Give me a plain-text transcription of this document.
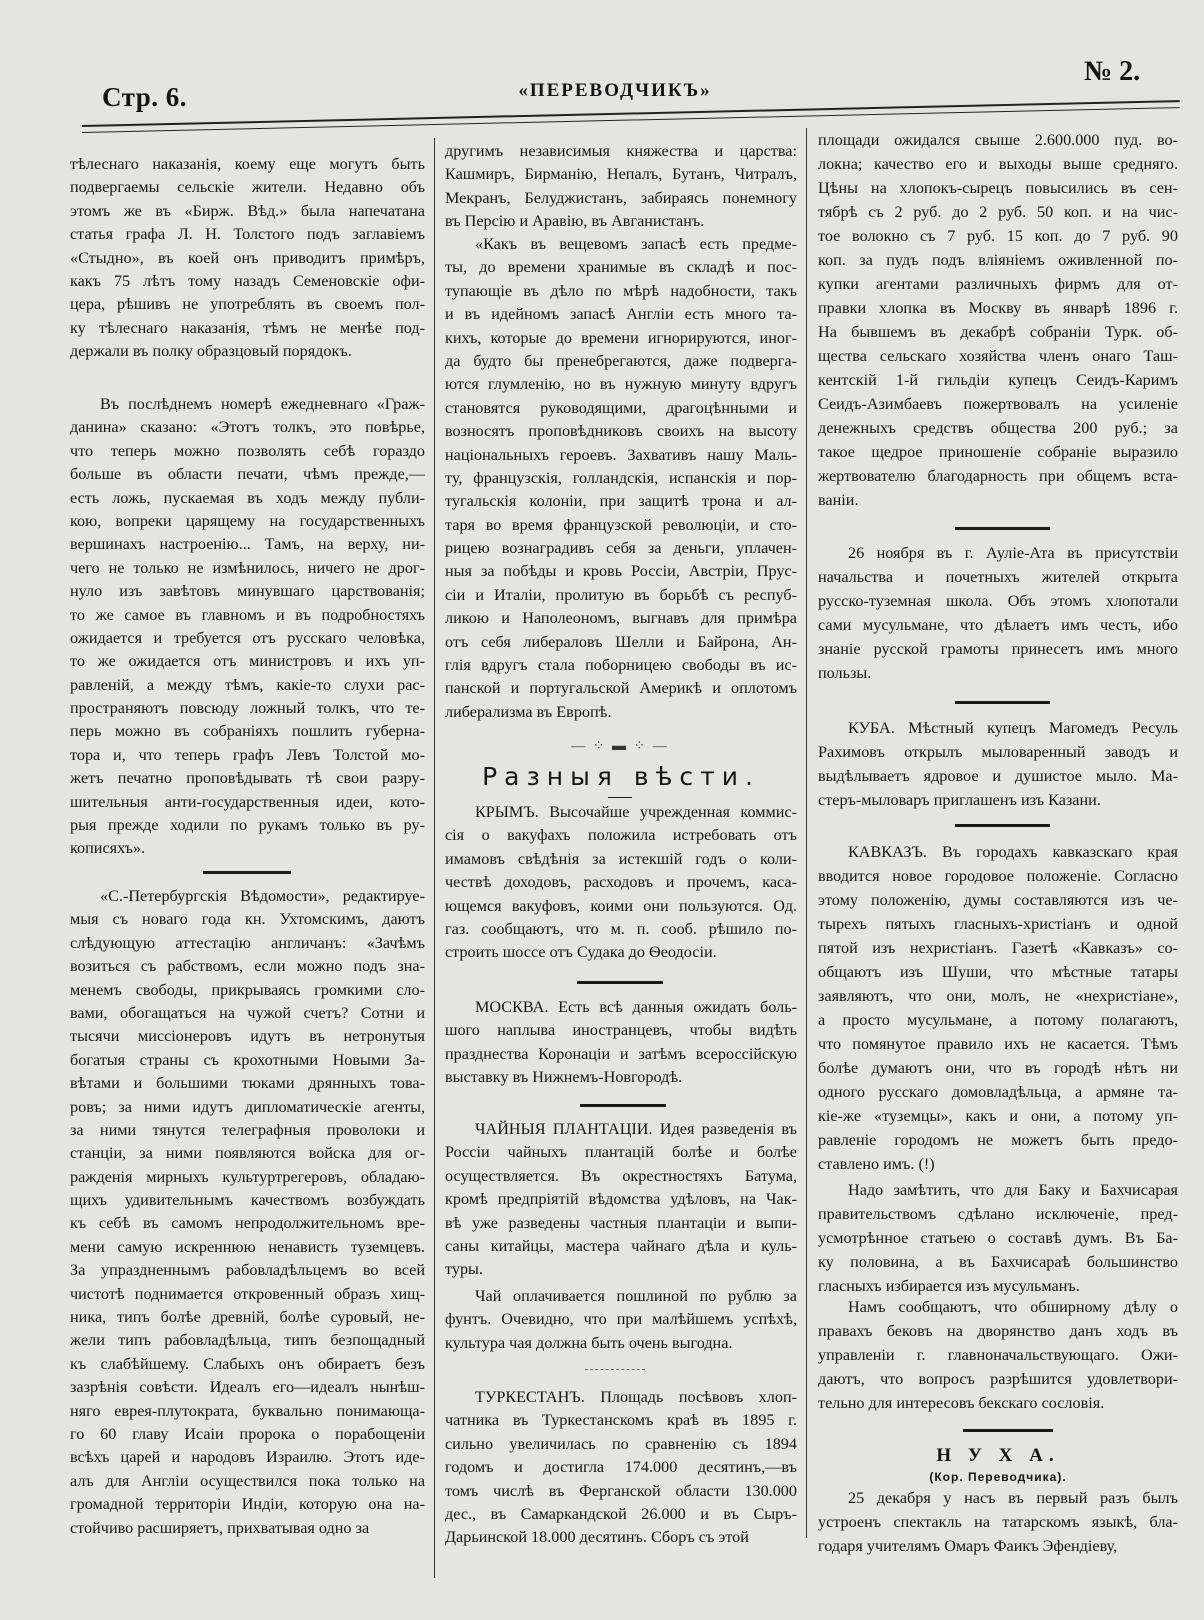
Стр. 6.	«ПЕРЕВОДЧИКЪ»
№ 2.
тѣлеснаго наказанія, коему еще могутъ быть
подвергаемы сельскіе жители. Недавно объ
этомъ же въ «Бирж. Вѣд.» была напечатана
статья графа Л. Н. Толстого подъ заглавіемъ
«Стыдно», въ коей онъ приводитъ примѣръ,
какъ 75 лѣтъ тому назадъ Семеновскіе офи-
цера, рѣшивъ не употреблять въ своемъ пол-
ку тѣлеснаго наказанія, тѣмъ не менѣе под-
держали въ полку образцовый порядокъ.
Въ послѣднемъ номерѣ ежедневнаго «Граж-
данина» сказано: «Этотъ толкъ, это повѣрье,
что теперь можно позволять себѣ гораздо
больше въ области печати, чѣмъ прежде,—
есть ложь, пускаемая въ ходъ между публи-
кою, вопреки царящему на государственныхъ
вершинахъ настроенію... Тамъ, на верху, ни-
чего не только не измѣнилось, ничего не дрог-
нуло изъ завѣтовъ минувшаго царствованія;
то же самое въ главномъ и въ подробностяхъ
ожидается и требуется отъ русскаго человѣка,
то же ожидается отъ министровъ и ихъ уп-
равленій, а между тѣмъ, какіе-то слухи рас-
пространяютъ повсюду ложный толкъ, что те-
перь можно въ собраніяхъ пошлить губерна-
тора и, что теперь графъ Левъ Толстой мо-
жетъ печатно проповѣдывать тѣ свои разру-
шительныя анти-государственныя идеи, кото-
рыя прежде ходили по рукамъ только въ ру-
кописяхъ».
«С.-Петербургскія Вѣдомости», редактируе-
мыя съ новаго года кн. Ухтомскимъ, даютъ
слѣдующую аттестацію англичанъ: «Зачѣмъ
возиться съ рабствомъ, если можно подъ зна-
менемъ свободы, прикрываясь громкими сло-
вами, обогащаться на чужой счетъ? Сотни и
тысячи миссіонеровъ идутъ въ нетронутыя
богатыя страны съ крохотными Новыми За-
вѣтами и большими тюками дрянныхъ това-
ровъ; за ними идутъ дипломатическіе агенты,
за ними тянутся телеграфныя проволоки и
станціи, за ними появляются войска для ог-
ражденія мирныхъ культуртрегеровъ, обладаю-
щихъ удивительнымъ качествомъ возбуждать
къ себѣ въ самомъ непродолжительномъ вре-
мени самую искреннюю ненависть туземцевъ.
За упраздненнымъ рабовладѣльцемъ во всей
чистотѣ поднимается откровенный образъ хищ-
ника, типъ болѣе древній, болѣе суровый, не-
жели типъ рабовладѣльца, типъ безпощадный
къ слабѣйшему. Слабыхъ онъ обираетъ безъ
зазрѣнія совѣсти. Идеалъ его—идеалъ нынѣш-
няго еврея-плутократа, буквально понимающа-
го 60 главу Исаіи пророка о порабощеніи
всѣхъ царей и народовъ Израилю. Этотъ иде-
алъ для Англіи осуществился пока только на
громадной территоріи Индіи, которую она на-
стойчиво расширяетъ, прихватывая одно за
другимъ независимыя княжества и царства:
Кашмиръ, Бирманію, Непалъ, Бутанъ, Читралъ,
Мекранъ, Белуджистанъ, забираясь понемногу
въ Персію и Аравію, въ Авганистанъ.
«Какъ въ вещевомъ запасѣ есть предме-
ты, до времени хранимые въ складѣ и пос-
тупающіе въ дѣло по мѣрѣ надобности, такъ
и въ идейномъ запасѣ Англіи есть много та-
кихъ, которые до времени игнорируются, иног-
да будто бы пренебрегаются, даже подверга-
ются глумленію, но въ нужную минуту вдругъ
становятся руководящими, драгоцѣнными и
возносятъ проповѣдниковъ своихъ на высоту
національныхъ героевъ. Захвативъ нашу Маль-
ту, французскія, голландскія, испанскія и пор-
тугальскія колоніи, при защитѣ трона и ал-
таря во время французской революціи, и сто-
рицею вознаградивъ себя за деньги, уплачен-
ныя за побѣды и кровь Россіи, Австріи, Прус-
сіи и Италіи, пролитую въ борьбѣ съ респуб-
ликою и Наполеономъ, выгнавъ для примѣра
отъ себя либераловъ Шелли и Байрона, Ан-
глія вдругъ стала поборницею свободы въ ис-
панской и португальской Америкѣ и оплотомъ
либерализма въ Европѣ.
— ⁘ ▬ ⁘ —
Разныя вѣсти.
КРЫМЪ. Высочайше учрежденная коммис-
сія о вакуфахъ положила истребовать отъ
имамовъ свѣдѣнія за истекшій годъ о коли-
чествѣ доходовъ, расходовъ и прочемъ, каса-
ющемся вакуфовъ, коими они пользуются. Од.
газ. сообщаютъ, что м. п. сооб. рѣшило по-
строить шоссе отъ Судака до Ѳеодосіи.
МОСКВА. Есть всѣ данныя ожидать боль-
шого наплыва иностранцевъ, чтобы видѣть
празднества Коронаціи и затѣмъ всероссійскую
выставку въ Нижнемъ-Новгородѣ.
ЧАЙНЫЯ ПЛАНТАЦІИ. Идея разведенія въ
Россіи чайныхъ плантацій болѣе и болѣе
осуществляется. Въ окрестностяхъ Батума,
кромѣ предпріятій вѣдомства удѣловъ, на Чак-
вѣ уже разведены частныя плантаціи и выпи-
саны китайцы, мастера чайнаго дѣла и куль-
туры.
Чай оплачивается пошлиной по рублю за
фунтъ. Очевидно, что при малѣйшемъ успѣхѣ,
культура чая должна быть очень выгодна.
ТУРКЕСТАНЪ. Площадь посѣвовъ хлоп-
чатника въ Туркестанскомъ краѣ въ 1895 г.
сильно увеличилась по сравненію съ 1894
годомъ и достигла 174.000 десятинъ,—въ
томъ числѣ въ Ферганской области 130.000
дес., въ Самаркандской 26.000 и въ Сыръ-
Дарьинской 18.000 десятинъ. Сборъ съ этой
площади ожидался свыше 2.600.000 пуд. во-
локна; качество его и выходы выше средняго.
Цѣны на хлопокъ-сырецъ повысились въ сен-
тябрѣ съ 2 руб. до 2 руб. 50 коп. и на чис-
тое волокно съ 7 руб. 15 коп. до 7 руб. 90
коп. за пудъ подъ вліяніемъ оживленной по-
купки агентами различныхъ фирмъ для от-
правки хлопка въ Москву въ январѣ 1896 г.
На бывшемъ въ декабрѣ собраніи Турк. об-
щества сельскаго хозяйства членъ онаго Таш-
кентскій 1-й гильдіи купецъ Сеидъ-Каримъ
Сеидъ-Азимбаевъ пожертвовалъ на усиленіе
денежныхъ средствъ общества 200 руб.; за
такое щедрое приношеніе собраніе выразило
жертвователю благодарность при общемъ вста-
ваніи.
26 ноября въ г. Ауліе-Ата въ присутствіи
начальства и почетныхъ жителей открыта
русско-туземная школа. Объ этомъ хлопотали
сами мусульмане, что дѣлаетъ имъ честь, ибо
знаніе русской грамоты принесетъ имъ много
пользы.
КУБА. Мѣстный купецъ Магомедъ Ресуль
Рахимовъ открылъ мыловаренный заводъ и
выдѣлываетъ ядровое и душистое мыло. Ма-
стеръ-мыловаръ приглашенъ изъ Казани.
КАВКАЗЪ. Въ городахъ кавказскаго края
вводится новое городовое положеніе. Согласно
этому положенію, думы составляются изъ че-
тырехъ пятыхъ гласныхъ-христіанъ и одной
пятой изъ нехристіанъ. Газетѣ «Кавказъ» со-
общаютъ изъ Шуши, что мѣстные татары
заявляютъ, что они, молъ, не «нехристіане»,
а просто мусульмане, а потому полагаютъ,
что помянутое правило ихъ не касается. Тѣмъ
болѣе думаютъ они, что въ городѣ нѣтъ ни
одного русскаго домовладѣльца, а армяне та-
кіе-же «туземцы», какъ и они, а потому уп-
равленіе городомъ не можетъ быть предо-
ставлено имъ. (!)
Надо замѣтить, что для Баку и Бахчисарая
правительствомъ сдѣлано исключеніе, пред-
усмотрѣнное статьею о составѣ думъ. Въ Ба-
ку половина, а въ Бахчисараѣ большинство
гласныхъ избирается изъ мусульманъ.
Намъ сообщаютъ, что обширному дѣлу о
правахъ бековъ на дворянство данъ ходъ въ
управленіи г. главноначальствующаго. Ожи-
даютъ, что вопросъ разрѣшится удовлетвори-
тельно для интересовъ бекскаго сословія.
Н У Х А.
(Кор. Переводчика).
25 декабря у насъ въ первый разъ былъ
устроенъ спектакль на татарскомъ языкѣ, бла-
годаря учителямъ Омаръ Фаикъ Эфендіеву,
